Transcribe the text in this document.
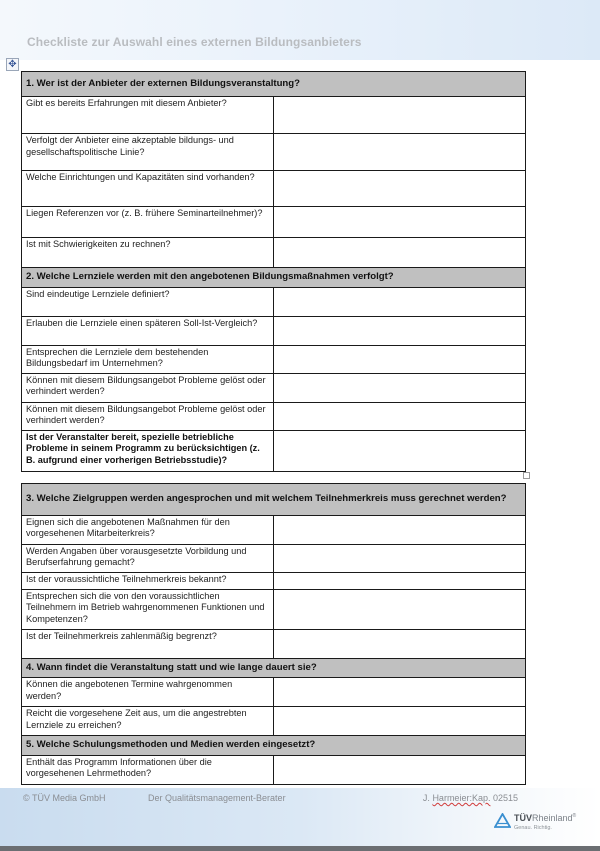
Checkliste zur Auswahl eines externen Bildungsanbieters
✥
1. Wer ist der Anbieter der externen Bildungsveranstaltung?	
Gibt es bereits Erfahrungen mit diesem Anbieter?	
Verfolgt der Anbieter eine akzeptable bildungs- und gesellschaftspolitische Linie?	
Welche Einrichtungen und Kapazitäten sind vorhanden?	
Liegen Referenzen vor (z. B. frühere Seminarteilnehmer)?	
Ist mit Schwierigkeiten zu rechnen?	
2. Welche Lernziele werden mit den angebotenen Bildungsmaßnahmen verfolgt?	
Sind eindeutige Lernziele definiert?	
Erlauben die Lernziele einen späteren Soll-Ist-Vergleich?	
Entsprechen die Lernziele dem bestehenden Bildungsbedarf im Unternehmen?	
Können mit diesem Bildungsangebot Probleme gelöst oder verhindert werden?	
Können mit diesem Bildungsangebot Probleme gelöst oder verhindert werden?	
Ist der Veranstalter bereit, spezielle betriebliche Probleme in seinem Programm zu berücksichtigen (z. B. aufgrund einer vorherigen Betriebsstudie)?	

3. Welche Zielgruppen werden angesprochen und mit welchem Teilnehmerkreis muss gerechnet werden?	
Eignen sich die angebotenen Maßnahmen für den vorgesehenen Mitarbeiterkreis?	
Werden Angaben über vorausgesetzte Vorbildung und Berufserfahrung gemacht?	
Ist der voraussichtliche Teilnehmerkreis bekannt?	
Entsprechen sich die von den voraussichtlichen Teilnehmern im Betrieb wahrgenommenen Funktionen und Kompetenzen?	
Ist der Teilnehmerkreis zahlenmäßig begrenzt?	
4. Wann findet die Veranstaltung statt und wie lange dauert sie?	
Können die angebotenen Termine wahrgenommen werden?	
Reicht die vorgesehene Zeit aus, um die angestrebten Lernziele zu erreichen?	
5. Welche Schulungsmethoden und Medien werden eingesetzt?	
Enthält das Programm Informationen über die vorgesehenen Lehrmethoden?	
© TÜV Media GmbH	Der Qualitätsmanagement-Berater	J. Harmeier:Kap. 02515
TÜVRheinland®
Genau. Richtig.
